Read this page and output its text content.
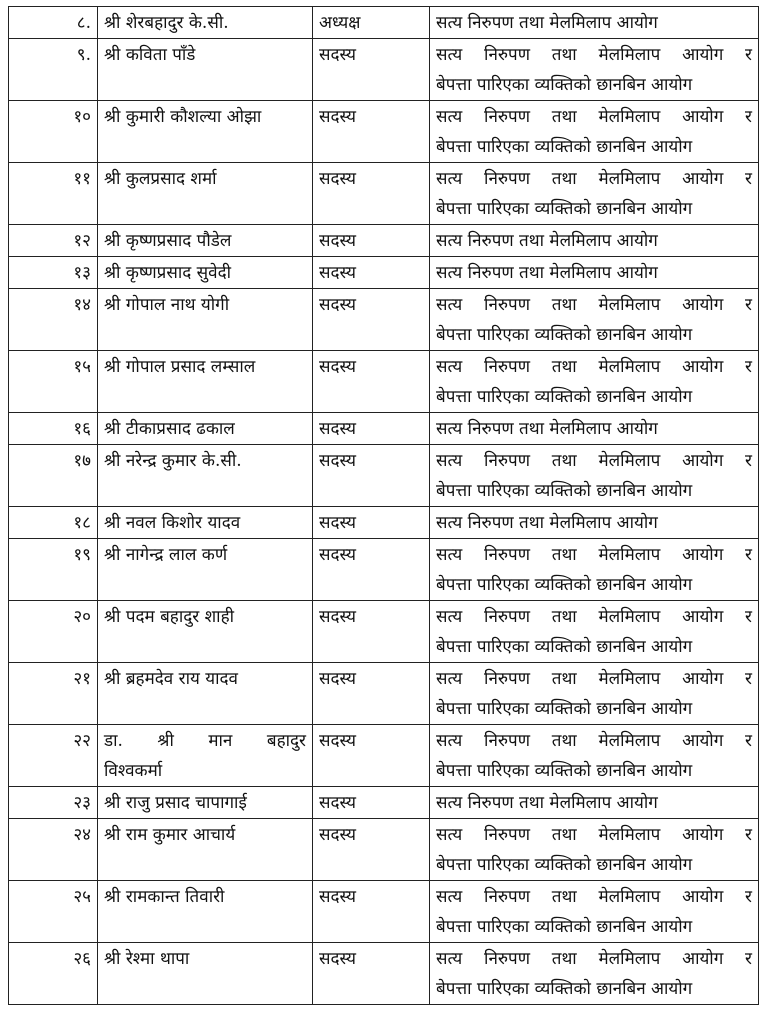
८.	श्री शेरबहादुर के.सी.	अध्यक्ष	सत्य निरुपण तथा मेलमिलाप आयोग

९.	श्री कविता पाँडे	सदस्य	सत्य निरुपण तथा मेलमिलाप आयोग र
बेपत्ता पारिएका व्यक्तिको छानबिन आयोग

१०	श्री कुमारी कौशल्या ओझा	सदस्य	सत्य निरुपण तथा मेलमिलाप आयोग र
बेपत्ता पारिएका व्यक्तिको छानबिन आयोग

११	श्री कुलप्रसाद शर्मा	सदस्य	सत्य निरुपण तथा मेलमिलाप आयोग र
बेपत्ता पारिएका व्यक्तिको छानबिन आयोग

१२	श्री कृष्णप्रसाद पौडेल	सदस्य	सत्य निरुपण तथा मेलमिलाप आयोग

१३	श्री कृष्णप्रसाद सुवेदी	सदस्य	सत्य निरुपण तथा मेलमिलाप आयोग

१४	श्री गोपाल नाथ योगी	सदस्य	सत्य निरुपण तथा मेलमिलाप आयोग र
बेपत्ता पारिएका व्यक्तिको छानबिन आयोग

१५	श्री गोपाल प्रसाद लम्साल	सदस्य	सत्य निरुपण तथा मेलमिलाप आयोग र
बेपत्ता पारिएका व्यक्तिको छानबिन आयोग

१६	श्री टीकाप्रसाद ढकाल	सदस्य	सत्य निरुपण तथा मेलमिलाप आयोग

१७	श्री नरेन्द्र कुमार के.सी.	सदस्य	सत्य निरुपण तथा मेलमिलाप आयोग र
बेपत्ता पारिएका व्यक्तिको छानबिन आयोग

१८	श्री नवल किशोर यादव	सदस्य	सत्य निरुपण तथा मेलमिलाप आयोग

१९	श्री नागेन्द्र लाल कर्ण	सदस्य	सत्य निरुपण तथा मेलमिलाप आयोग र
बेपत्ता पारिएका व्यक्तिको छानबिन आयोग

२०	श्री पदम बहादुर शाही	सदस्य	सत्य निरुपण तथा मेलमिलाप आयोग र
बेपत्ता पारिएका व्यक्तिको छानबिन आयोग

२१	श्री ब्रहमदेव राय यादव	सदस्य	सत्य निरुपण तथा मेलमिलाप आयोग र
बेपत्ता पारिएका व्यक्तिको छानबिन आयोग

२२	डा. श्री मान बहादुर
विश्वकर्मा	सदस्य	सत्य निरुपण तथा मेलमिलाप आयोग र
बेपत्ता पारिएका व्यक्तिको छानबिन आयोग

२३	श्री राजु प्रसाद चापागाई	सदस्य	सत्य निरुपण तथा मेलमिलाप आयोग

२४	श्री राम कुमार आचार्य	सदस्य	सत्य निरुपण तथा मेलमिलाप आयोग र
बेपत्ता पारिएका व्यक्तिको छानबिन आयोग

२५	श्री रामकान्त तिवारी	सदस्य	सत्य निरुपण तथा मेलमिलाप आयोग र
बेपत्ता पारिएका व्यक्तिको छानबिन आयोग

२६	श्री रेश्मा थापा	सदस्य	सत्य निरुपण तथा मेलमिलाप आयोग र
बेपत्ता पारिएका व्यक्तिको छानबिन आयोग
